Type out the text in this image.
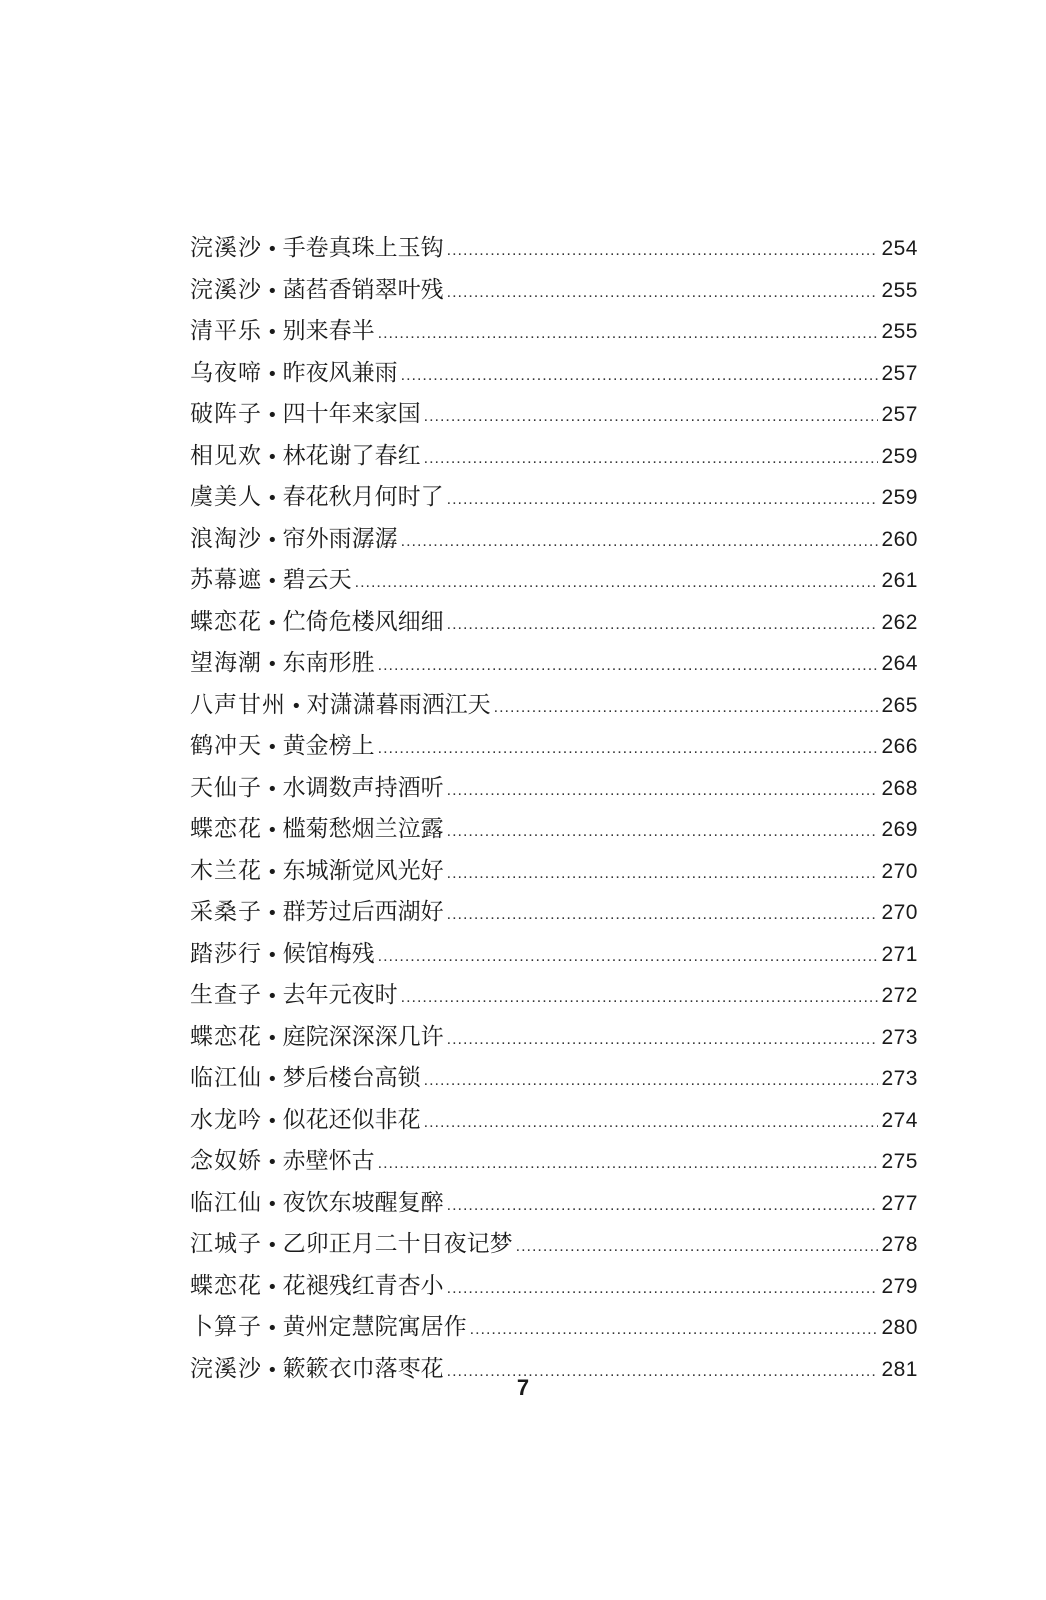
浣溪沙 • 手卷真珠上玉钩 .....	254
浣溪沙 • 菡萏香销翠叶残 .....	255
清平乐 • 别来春半 .....	255
乌夜啼 • 昨夜风兼雨 .....	257
破阵子 • 四十年来家国 .....	257
相见欢 • 林花谢了春红 .....	259
虞美人 • 春花秋月何时了 .....	259
浪淘沙 • 帘外雨潺潺 .....	260
苏幕遮 • 碧云天 .....	261
蝶恋花 • 伫倚危楼风细细 .....	262
望海潮 • 东南形胜 .....	264
八声甘州 • 对潇潇暮雨洒江天 .....	265
鹤冲天 • 黄金榜上 .....	266
天仙子 • 水调数声持酒听 .....	268
蝶恋花 • 槛菊愁烟兰泣露 .....	269
木兰花 • 东城渐觉风光好 .....	270
采桑子 • 群芳过后西湖好 .....	270
踏莎行 • 候馆梅残 .....	271
生查子 • 去年元夜时 .....	272
蝶恋花 • 庭院深深深几许 .....	273
临江仙 • 梦后楼台高锁 .....	273
水龙吟 • 似花还似非花 .....	274
念奴娇 • 赤壁怀古 .....	275
临江仙 • 夜饮东坡醒复醉 .....	277
江城子 • 乙卯正月二十日夜记梦 .....	278
蝶恋花 • 花褪残红青杏小 .....	279
卜算子 • 黄州定慧院寓居作 .....	280
浣溪沙 • 簌簌衣巾落枣花 .....	281
7
